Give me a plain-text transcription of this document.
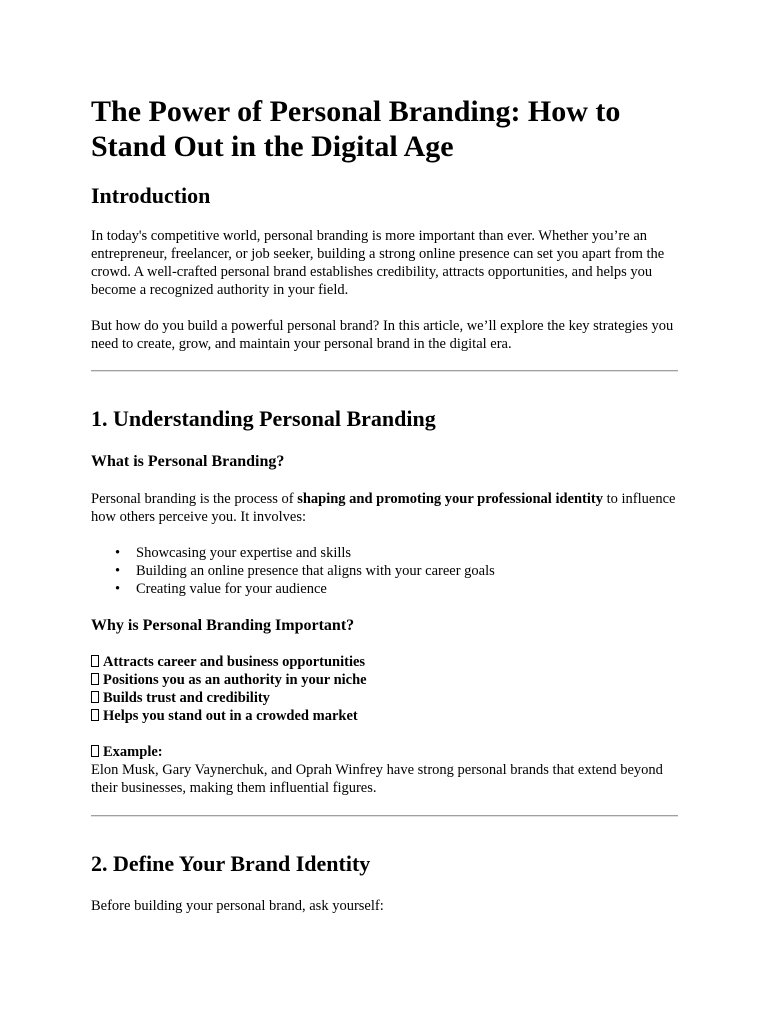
The Power of Personal Branding: How to Stand Out in the Digital Age
Introduction

In today's competitive world, personal branding is more important than ever. Whether you’re an entrepreneur, freelancer, or job seeker, building a strong online presence can set you apart from the crowd. A well-crafted personal brand establishes credibility, attracts opportunities, and helps you become a recognized authority in your field.

But how do you build a powerful personal brand? In this article, we’ll explore the key strategies you need to create, grow, and maintain your personal brand in the digital era.

1. Understanding Personal Branding
What is Personal Branding?

Personal branding is the process of shaping and promoting your professional identity to influence how others perceive you. It involves:

• Showcasing your expertise and skills
• Building an online presence that aligns with your career goals
• Creating value for your audience
Why is Personal Branding Important?
Attracts career and business opportunities
Positions you as an authority in your niche
Builds trust and credibility
Helps you stand out in a crowded market
Example:
Elon Musk, Gary Vaynerchuk, and Oprah Winfrey have strong personal brands that extend beyond their businesses, making them influential figures.
2. Define Your Brand Identity

Before building your personal brand, ask yourself:
